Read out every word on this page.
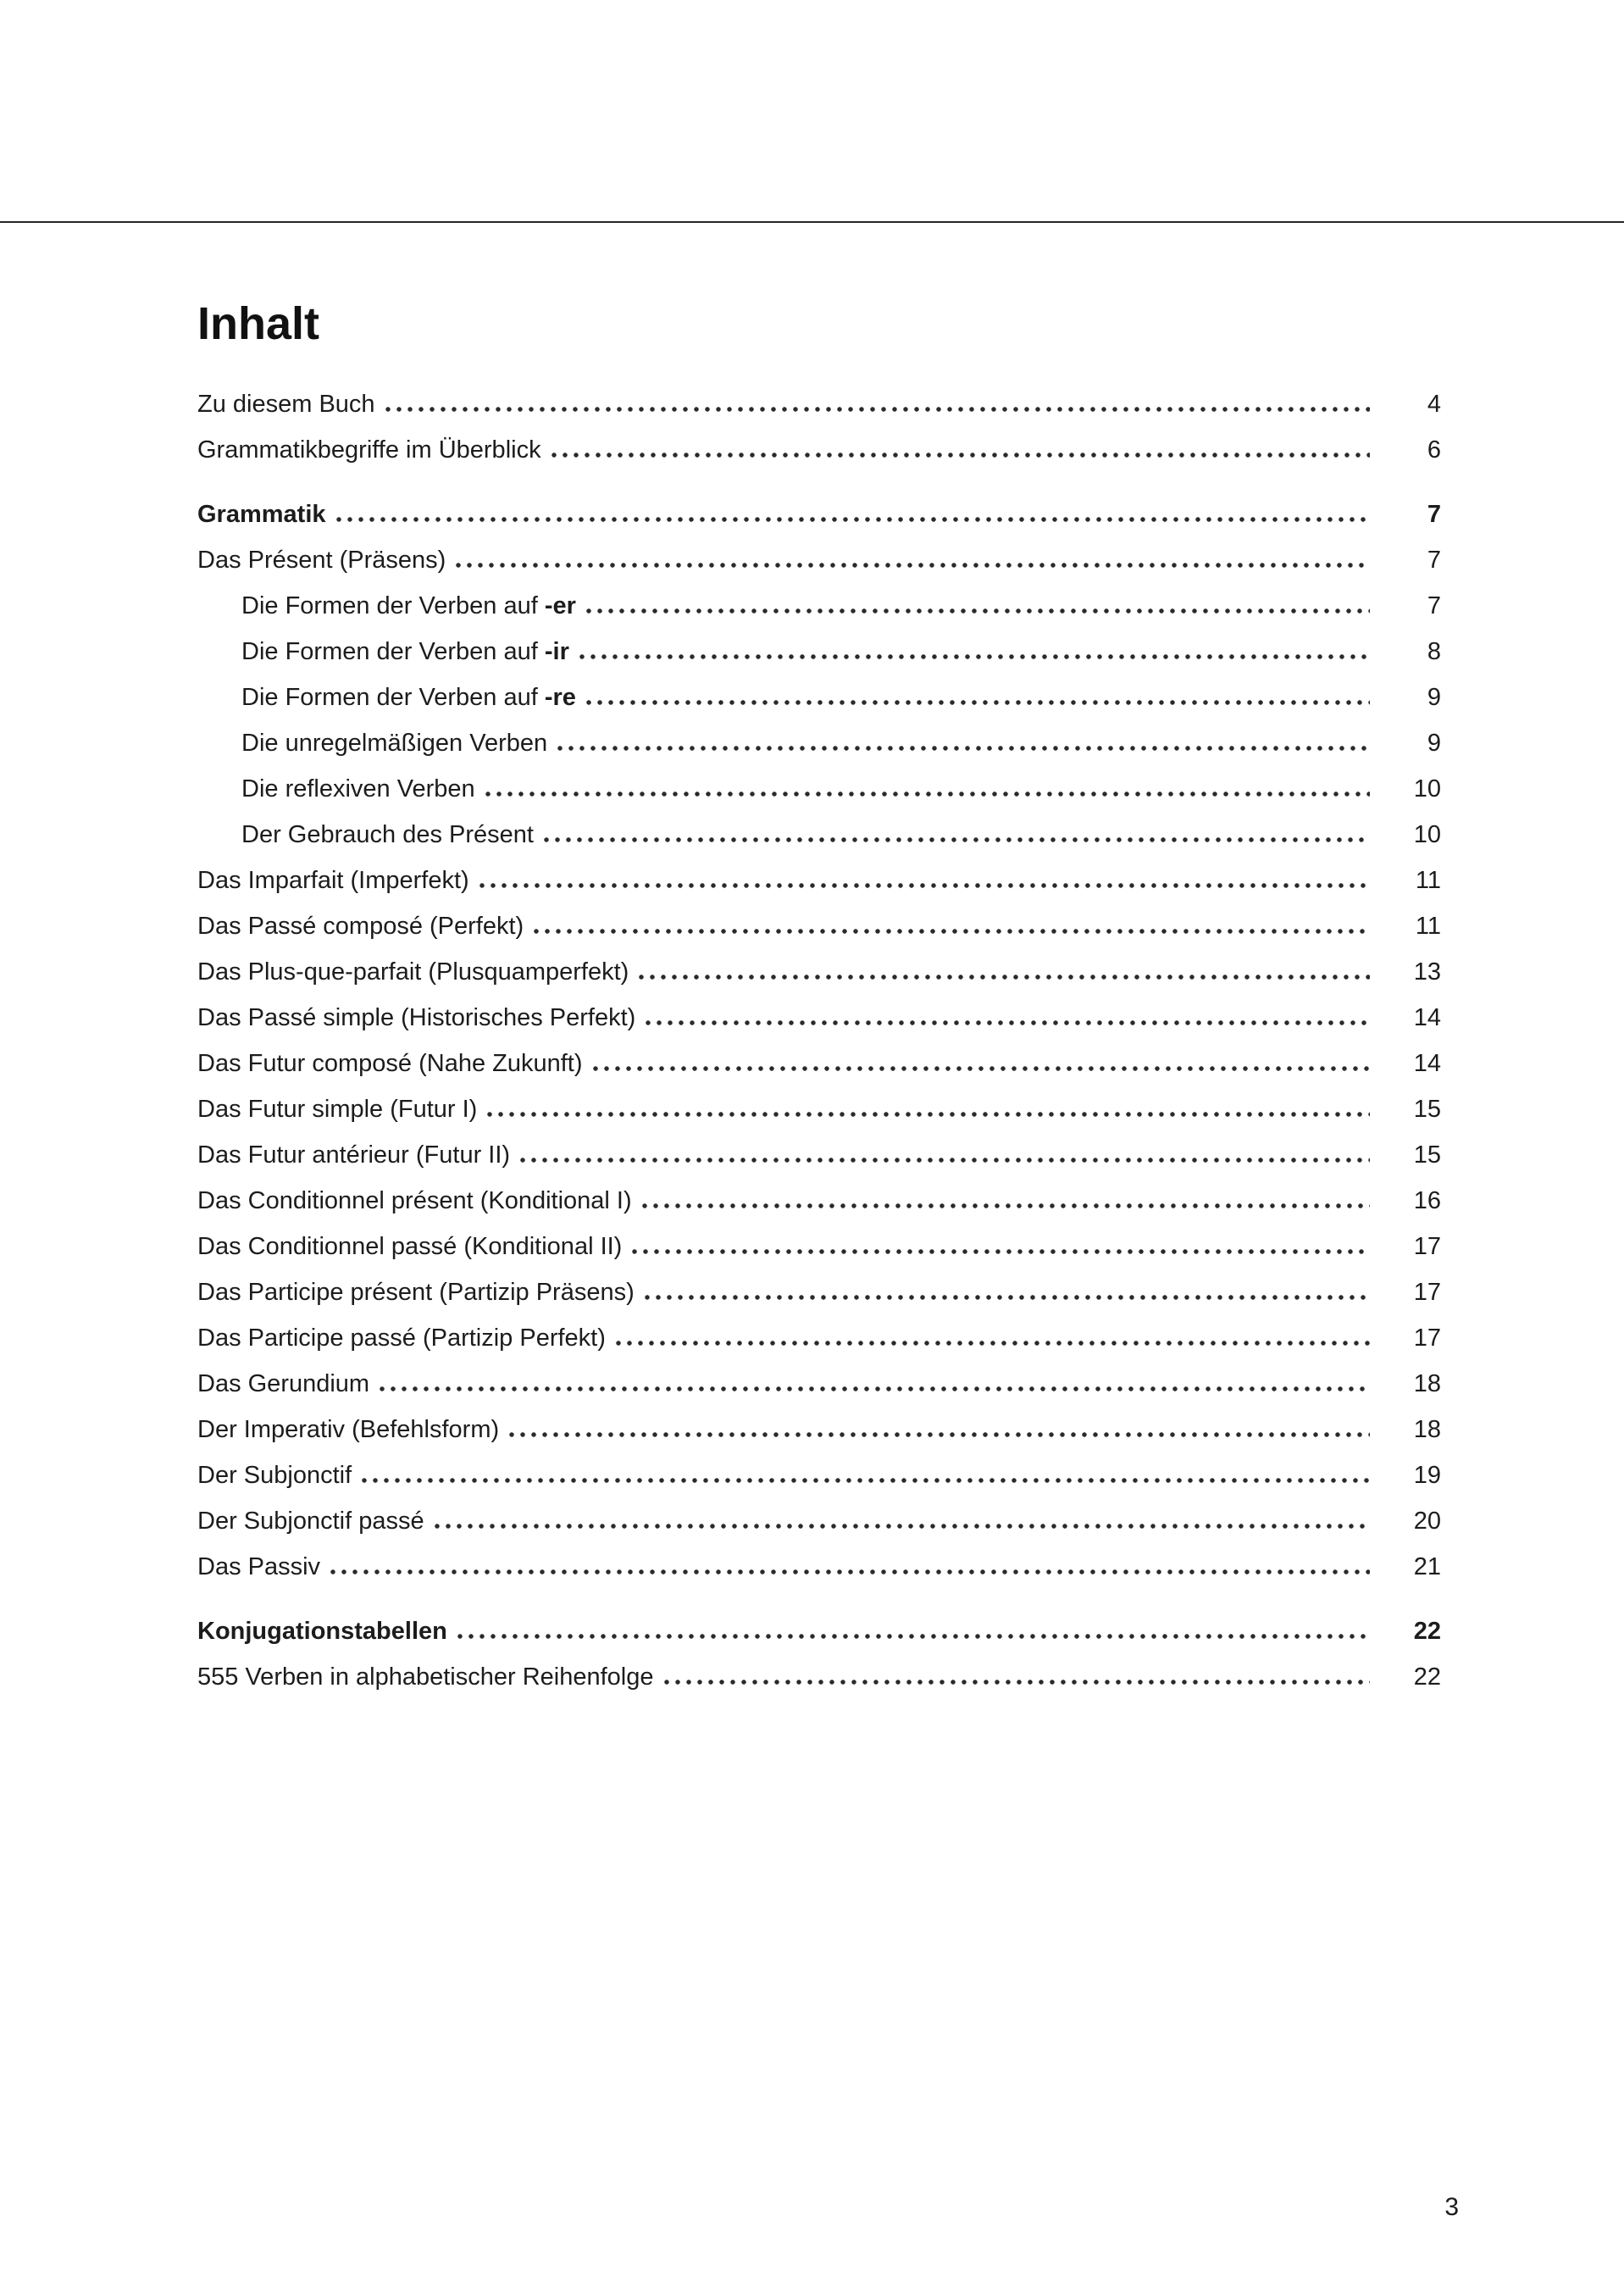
Inhalt
Zu diesem Buch	4
Grammatikbegriffe im Überblick	6
Grammatik	7
Das Présent (Präsens)	7
Die Formen der Verben auf -er	7
Die Formen der Verben auf -ir	8
Die Formen der Verben auf -re	9
Die unregelmäßigen Verben	9
Die reflexiven Verben	10
Der Gebrauch des Présent	10
Das Imparfait (Imperfekt)	11
Das Passé composé (Perfekt)	11
Das Plus-que-parfait (Plusquamperfekt)	13
Das Passé simple (Historisches Perfekt)	14
Das Futur composé (Nahe Zukunft)	14
Das Futur simple (Futur I)	15
Das Futur antérieur (Futur II)	15
Das Conditionnel présent (Konditional I)	16
Das Conditionnel passé (Konditional II)	17
Das Participe présent (Partizip Präsens)	17
Das Participe passé (Partizip Perfekt)	17
Das Gerundium	18
Der Imperativ (Befehlsform)	18
Der Subjonctif	19
Der Subjonctif passé	20
Das Passiv	21
Konjugationstabellen	22
555 Verben in alphabetischer Reihenfolge	22
3
